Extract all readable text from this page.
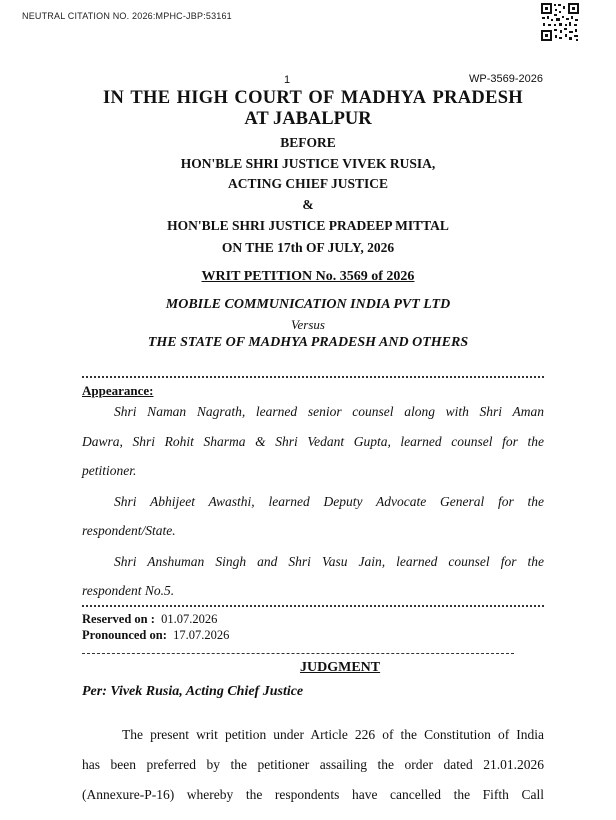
NEUTRAL CITATION NO. 2026:MPHC-JBP:53161
1	WP-3569-2026
IN THE HIGH COURT OF MADHYA PRADESH
AT JABALPUR
BEFORE
HON'BLE SHRI JUSTICE VIVEK RUSIA,
ACTING CHIEF JUSTICE
&
HON'BLE SHRI JUSTICE PRADEEP MITTAL
ON THE 17th OF JULY, 2026
WRIT PETITION No. 3569 of 2026
MOBILE COMMUNICATION INDIA PVT LTD
Versus
THE STATE OF MADHYA PRADESH AND OTHERS
Appearance:
Shri Naman Nagrath, learned senior counsel along with Shri Aman
Dawra, Shri Rohit Sharma & Shri Vedant Gupta, learned counsel for the
petitioner.
Shri Abhijeet Awasthi, learned Deputy Advocate General for the
respondent/State.
Shri Anshuman Singh and Shri Vasu Jain, learned counsel for the
respondent No.5.
Reserved on : 01.07.2026
Pronounced on: 17.07.2026
JUDGMENT
Per: Vivek Rusia, Acting Chief Justice
The present writ petition under Article 226 of the Constitution of India
has been preferred by the petitioner assailing the order dated 21.01.2026
(Annexure-P-16) whereby the respondents have cancelled the Fifth Call
